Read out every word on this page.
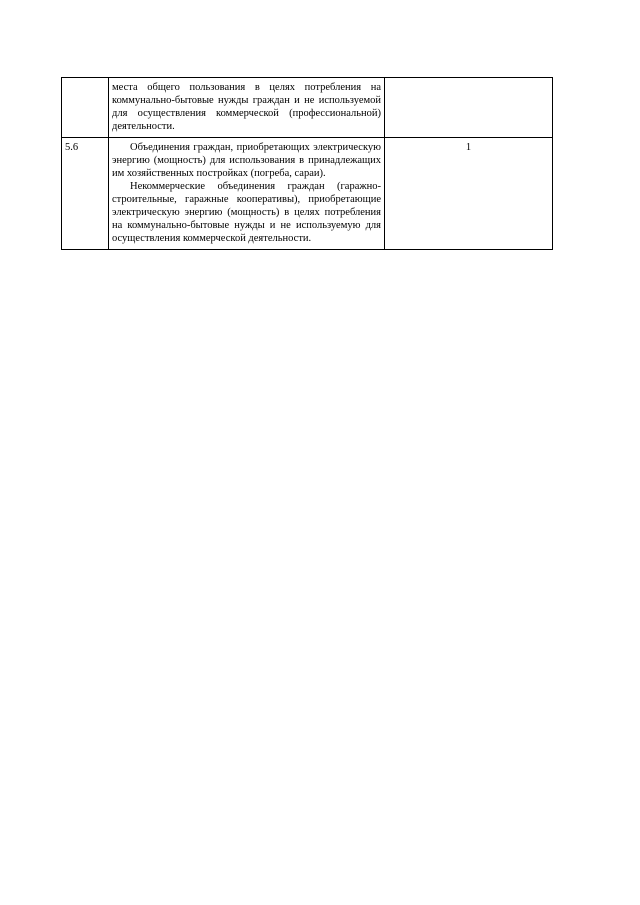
	места общего пользования в целях потребления на коммунально-бытовые нужды граждан и не используемой для осуществления коммерческой (профессиональной) деятельности.	

5.6	Объединения граждан, приобретающих электрическую энергию (мощность) для использования в принадлежащих им хозяйственных постройках (погреба, сараи).

Некоммерческие объединения граждан (гаражно-строительные, гаражные кооперативы), приобретающие электрическую энергию (мощность) в целях потребления на коммунально-бытовые нужды и не используемую для осуществления коммерческой деятельности.	1
